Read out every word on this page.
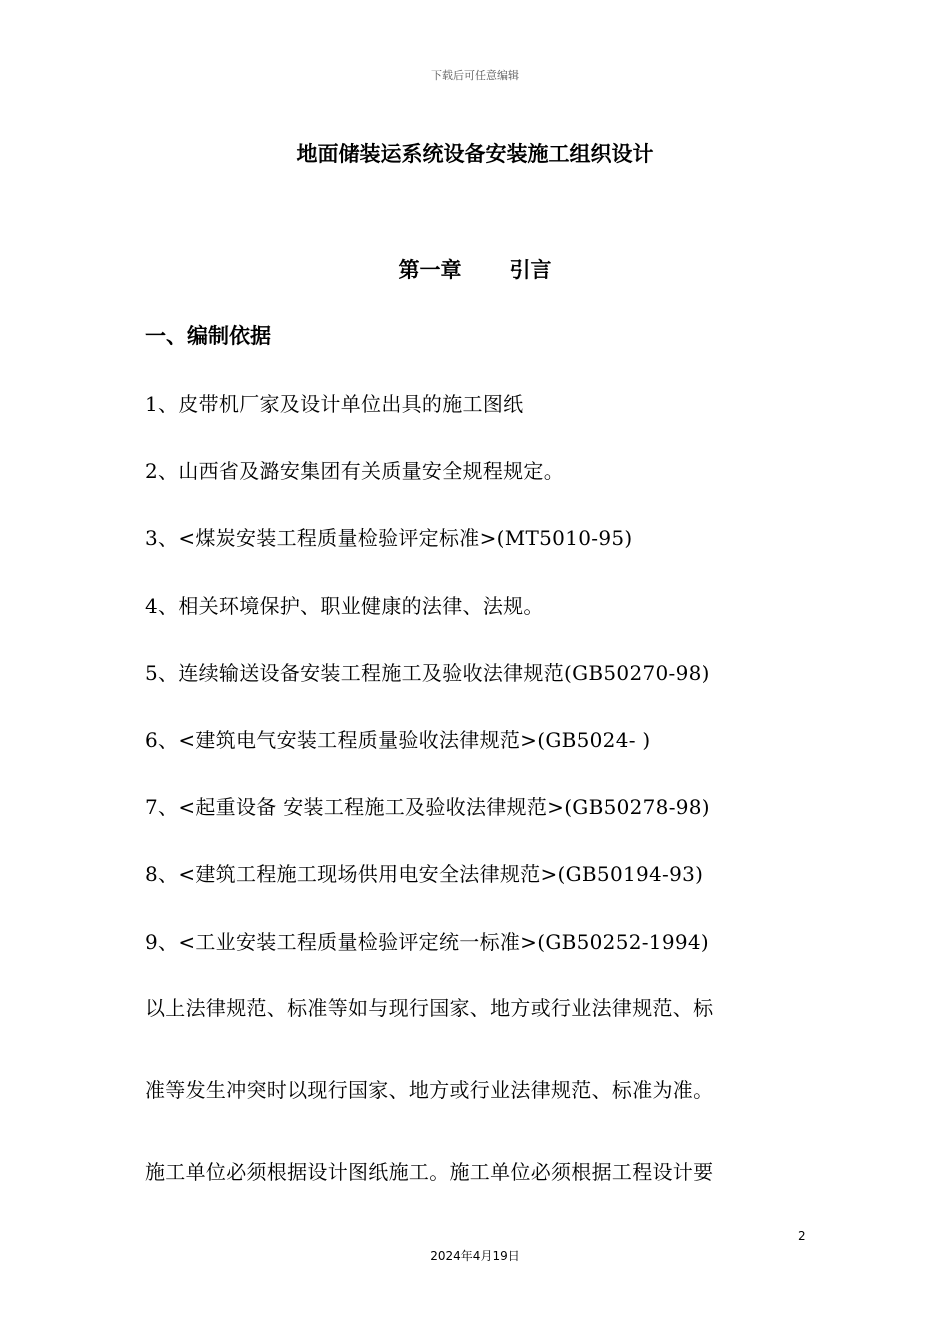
下载后可任意编辑
地面储装运系统设备安装施工组织设计
第一章 引言
一、编制依据
1、皮带机厂家及设计单位出具的施工图纸
2、山西省及潞安集团有关质量安全规程规定。
3、<煤炭安装工程质量检验评定标准>(MT5010-95)
4、相关环境保护、职业健康的法律、法规。
5、连续输送设备安装工程施工及验收法律规范(GB50270-98)
6、<建筑电气安装工程质量验收法律规范>(GB5024- )
7、<起重设备 安装工程施工及验收法律规范>(GB50278-98)
8、<建筑工程施工现场供用电安全法律规范>(GB50194-93)
9、<工业安装工程质量检验评定统一标准>(GB50252-1994)
以上法律规范、标准等如与现行国家、地方或行业法律规范、标
准等发生冲突时以现行国家、地方或行业法律规范、标准为准。
施工单位必须根据设计图纸施工。施工单位必须根据工程设计要
2
2024年4月19日
